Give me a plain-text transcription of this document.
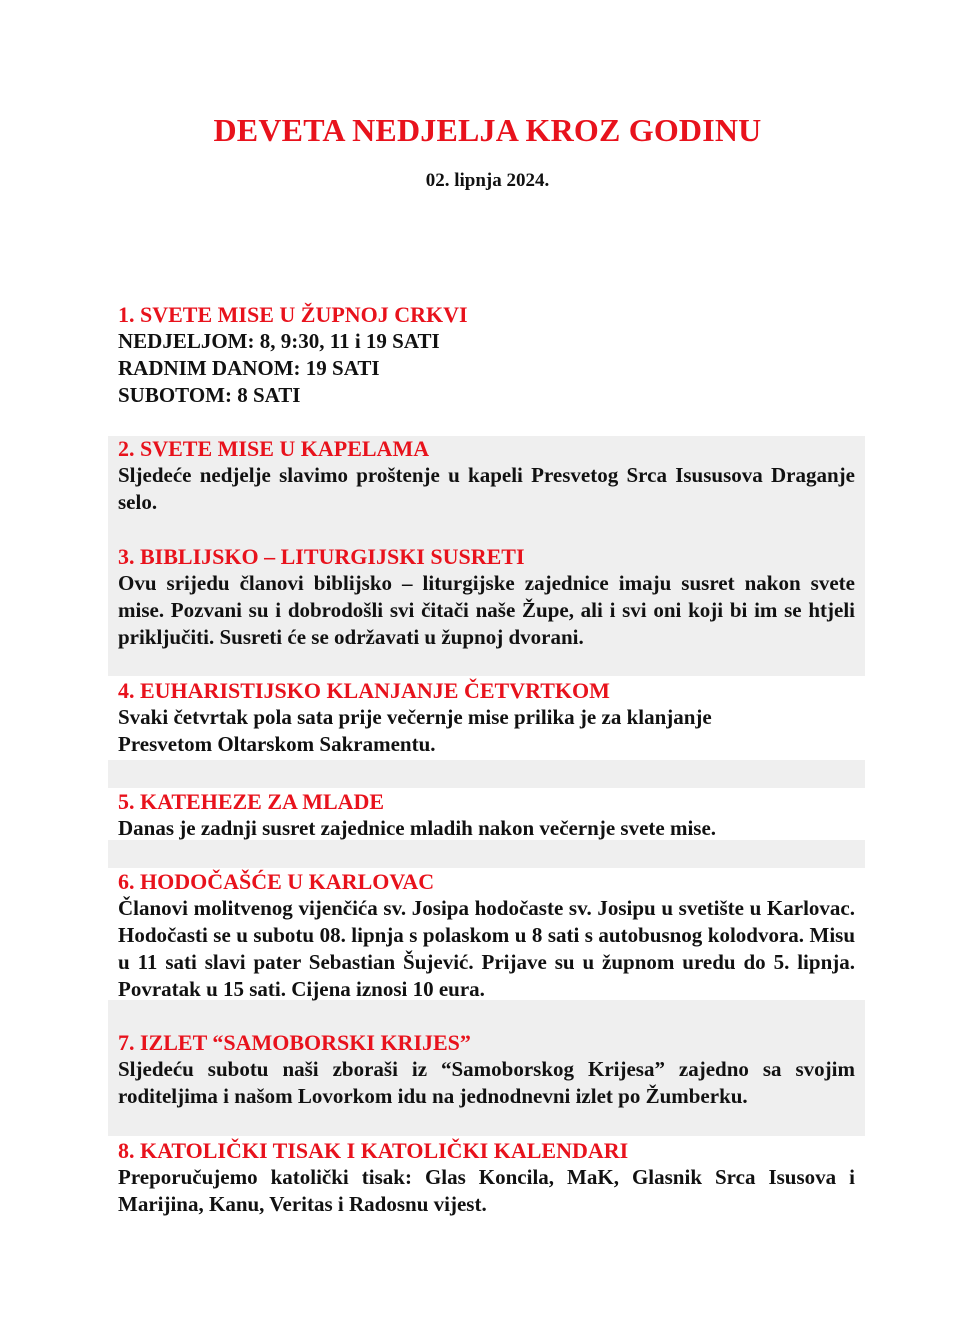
DEVETA NEDJELJA KROZ GODINU
02. lipnja 2024.
1. SVETE MISE U ŽUPNOJ CRKVI
NEDJELJOM: 8, 9:30, 11 i 19 SATI
RADNIM DANOM: 19 SATI
SUBOTOM: 8 SATI
2. SVETE MISE U KAPELAMA

Sljedeće nedjelje slavimo proštenje u kapeli Presvetog Srca Isususova Draganje selo.

3. BIBLIJSKO – LITURGIJSKI SUSRETI

Ovu srijedu članovi biblijsko – liturgijske zajednice imaju susret nakon svete mise. Pozvani su i dobrodošli svi čitači naše Župe, ali i svi oni koji bi im se htjeli priključiti. Susreti će se održavati u župnoj dvorani.

4. EUHARISTIJSKO KLANJANJE ČETVRTKOM
Svaki četvrtak pola sata prije večernje mise prilika je za klanjanje
Presvetom Oltarskom Sakramentu.
5. KATEHEZE ZA MLADE
Danas je zadnji susret zajednice mladih nakon večernje svete mise.
6. HODOČAŠĆE U KARLOVAC

Članovi molitvenog vijenčića sv. Josipa hodočaste sv. Josipu u svetište u Karlovac. Hodočasti se u subotu 08. lipnja s polaskom u 8 sati s autobusnog kolodvora. Misu u 11 sati slavi pater Sebastian Šujević. Prijave su u župnom uredu do 5. lipnja. Povratak u 15 sati. Cijena iznosi 10 eura.

7. IZLET “SAMOBORSKI KRIJES”

Sljedeću subotu naši zboraši iz “Samoborskog Krijesa” zajedno sa svojim roditeljima i našom Lovorkom idu na jednodnevni izlet po Žumberku.

8. KATOLIČKI TISAK I KATOLIČKI KALENDARI

Preporučujemo katolički tisak: Glas Koncila, MaK, Glasnik Srca Isusova i Marijina, Kanu, Veritas i Radosnu vijest.
